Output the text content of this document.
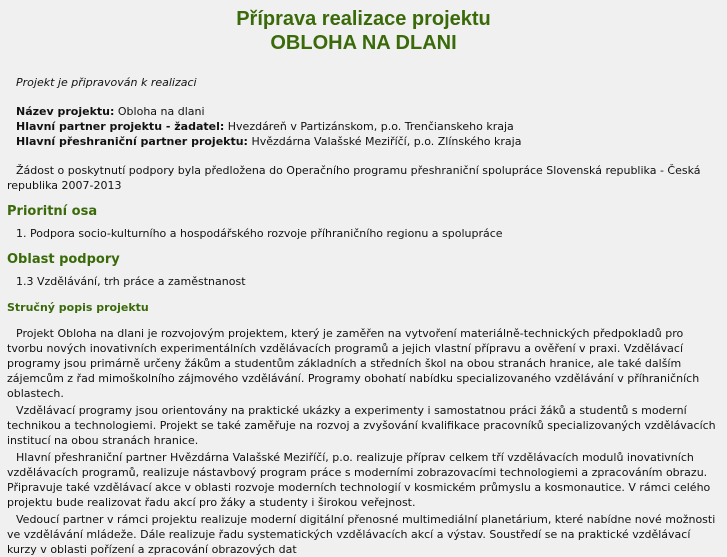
Příprava realizace projektu
OBLOHA NA DLANI
Projekt je připravován k realizaci
Název projektu: Obloha na dlani
Hlavní partner projektu - žadatel: Hvezdáreň v Partizánskom, p.o. Trenčianskeho kraja
Hlavní přeshraniční partner projektu: Hvězdárna Valašské Meziříčí, p.o. Zlínského kraja

Žádost o poskytnutí podpory byla předložena do Operačního programu přeshraniční spolupráce Slovenská republika - Česká republika 2007-2013

Prioritní osa
1. Podpora socio-kulturního a hospodářského rozvoje příhraničního regionu a spolupráce
Oblast podpory
1.3 Vzdělávání, trh práce a zaměstnanost
Stručný popis projektu

Projekt Obloha na dlani je rozvojovým projektem, který je zaměřen na vytvoření materiálně-technických předpokladů pro tvorbu nových inovativních experimentálních vzdělávacích programů a jejich vlastní přípravu a ověření v praxi. Vzdělávací programy jsou primárně určeny žákům a studentům základních a středních škol na obou stranách hranice, ale také dalším zájemcům z řad mimoškolního zájmového vzdělávání. Programy obohatí nabídku specializovaného vzdělávání v příhraničních oblastech.

Vzdělávací programy jsou orientovány na praktické ukázky a experimenty i samostatnou práci žáků a studentů s moderní technikou a technologiemi. Projekt se také zaměřuje na rozvoj a zvyšování kvalifikace pracovníků specializovaných vzdělávacích institucí na obou stranách hranice.

Hlavní přeshraniční partner Hvězdárna Valašské Meziříčí, p.o. realizuje příprav celkem tří vzdělávacích modulů inovativních vzdělávacích programů, realizuje nástavbový program práce s moderními zobrazovacími technologiemi a zpracováním obrazu. Připravuje také vzdělávací akce v oblasti rozvoje moderních technologií v kosmickém průmyslu a kosmonautice. V rámci celého projektu bude realizovat řadu akcí pro žáky a studenty i širokou veřejnost.

Vedoucí partner v rámci projektu realizuje moderní digitální přenosné multimediální planetárium, které nabídne nové možnosti ve vzdělávání mládeže. Dále realizuje řadu systematických vzdělávacích akcí a výstav. Soustředí se na praktické vzdělávací kurzy v oblasti pořízení a zpracování obrazových dat
